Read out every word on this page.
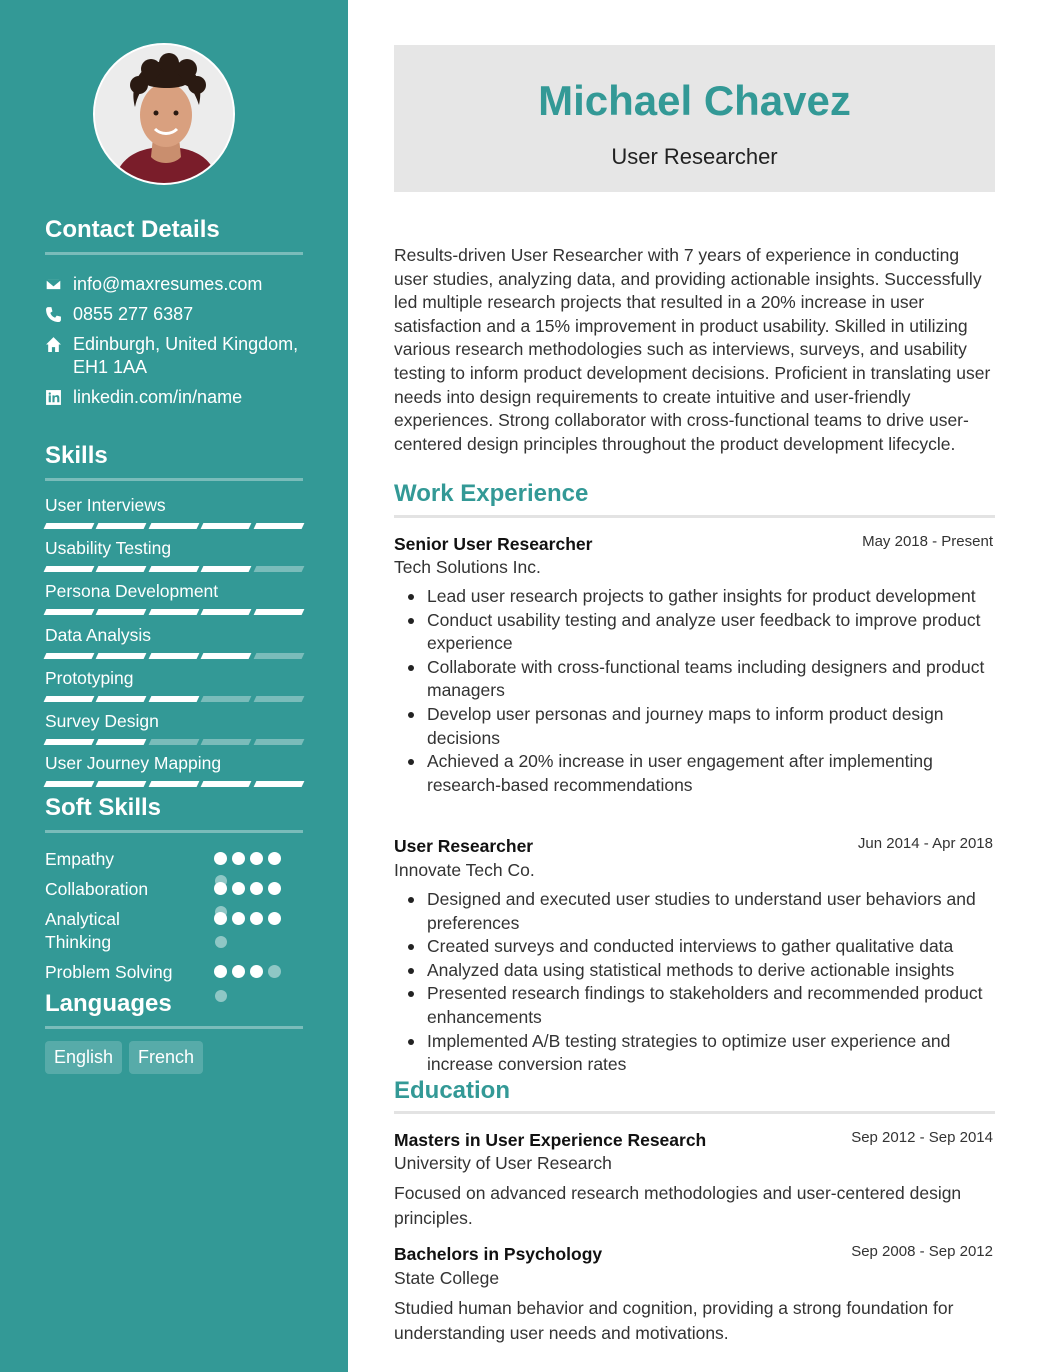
Contact Details
info@maxresumes.com
0855 277 6387
Edinburgh, United Kingdom,
EH1 1AA
linkedin.com/in/name
Skills
User Interviews
Usability Testing
Persona Development
Data Analysis
Prototyping
Survey Design
User Journey Mapping
Soft Skills
Empathy
Collaboration
Analytical Thinking
Problem Solving
Languages
English	French
Michael Chavez
User Researcher
Results-driven User Researcher with 7 years of experience in conducting user studies, analyzing data, and providing actionable insights. Successfully led multiple research projects that resulted in a 20% increase in user satisfaction and a 15% improvement in product usability. Skilled in utilizing various research methodologies such as interviews, surveys, and usability testing to inform product development decisions. Proficient in translating user needs into design requirements to create intuitive and user-friendly experiences. Strong collaborator with cross-functional teams to drive user-centered design principles throughout the product development lifecycle.
Work Experience
Senior User Researcher	May 2018 - Present
Tech Solutions Inc.
Lead user research projects to gather insights for product development
Conduct usability testing and analyze user feedback to improve product experience
Collaborate with cross-functional teams including designers and product managers
Develop user personas and journey maps to inform product design decisions
Achieved a 20% increase in user engagement after implementing research-based recommendations
User Researcher	Jun 2014 - Apr 2018
Innovate Tech Co.
Designed and executed user studies to understand user behaviors and preferences
Created surveys and conducted interviews to gather qualitative data
Analyzed data using statistical methods to derive actionable insights
Presented research findings to stakeholders and recommended product enhancements
Implemented A/B testing strategies to optimize user experience and increase conversion rates
Education
Masters in User Experience Research	Sep 2012 - Sep 2014
University of User Research
Focused on advanced research methodologies and user-centered design principles.
Bachelors in Psychology	Sep 2008 - Sep 2012
State College
Studied human behavior and cognition, providing a strong foundation for understanding user needs and motivations.
